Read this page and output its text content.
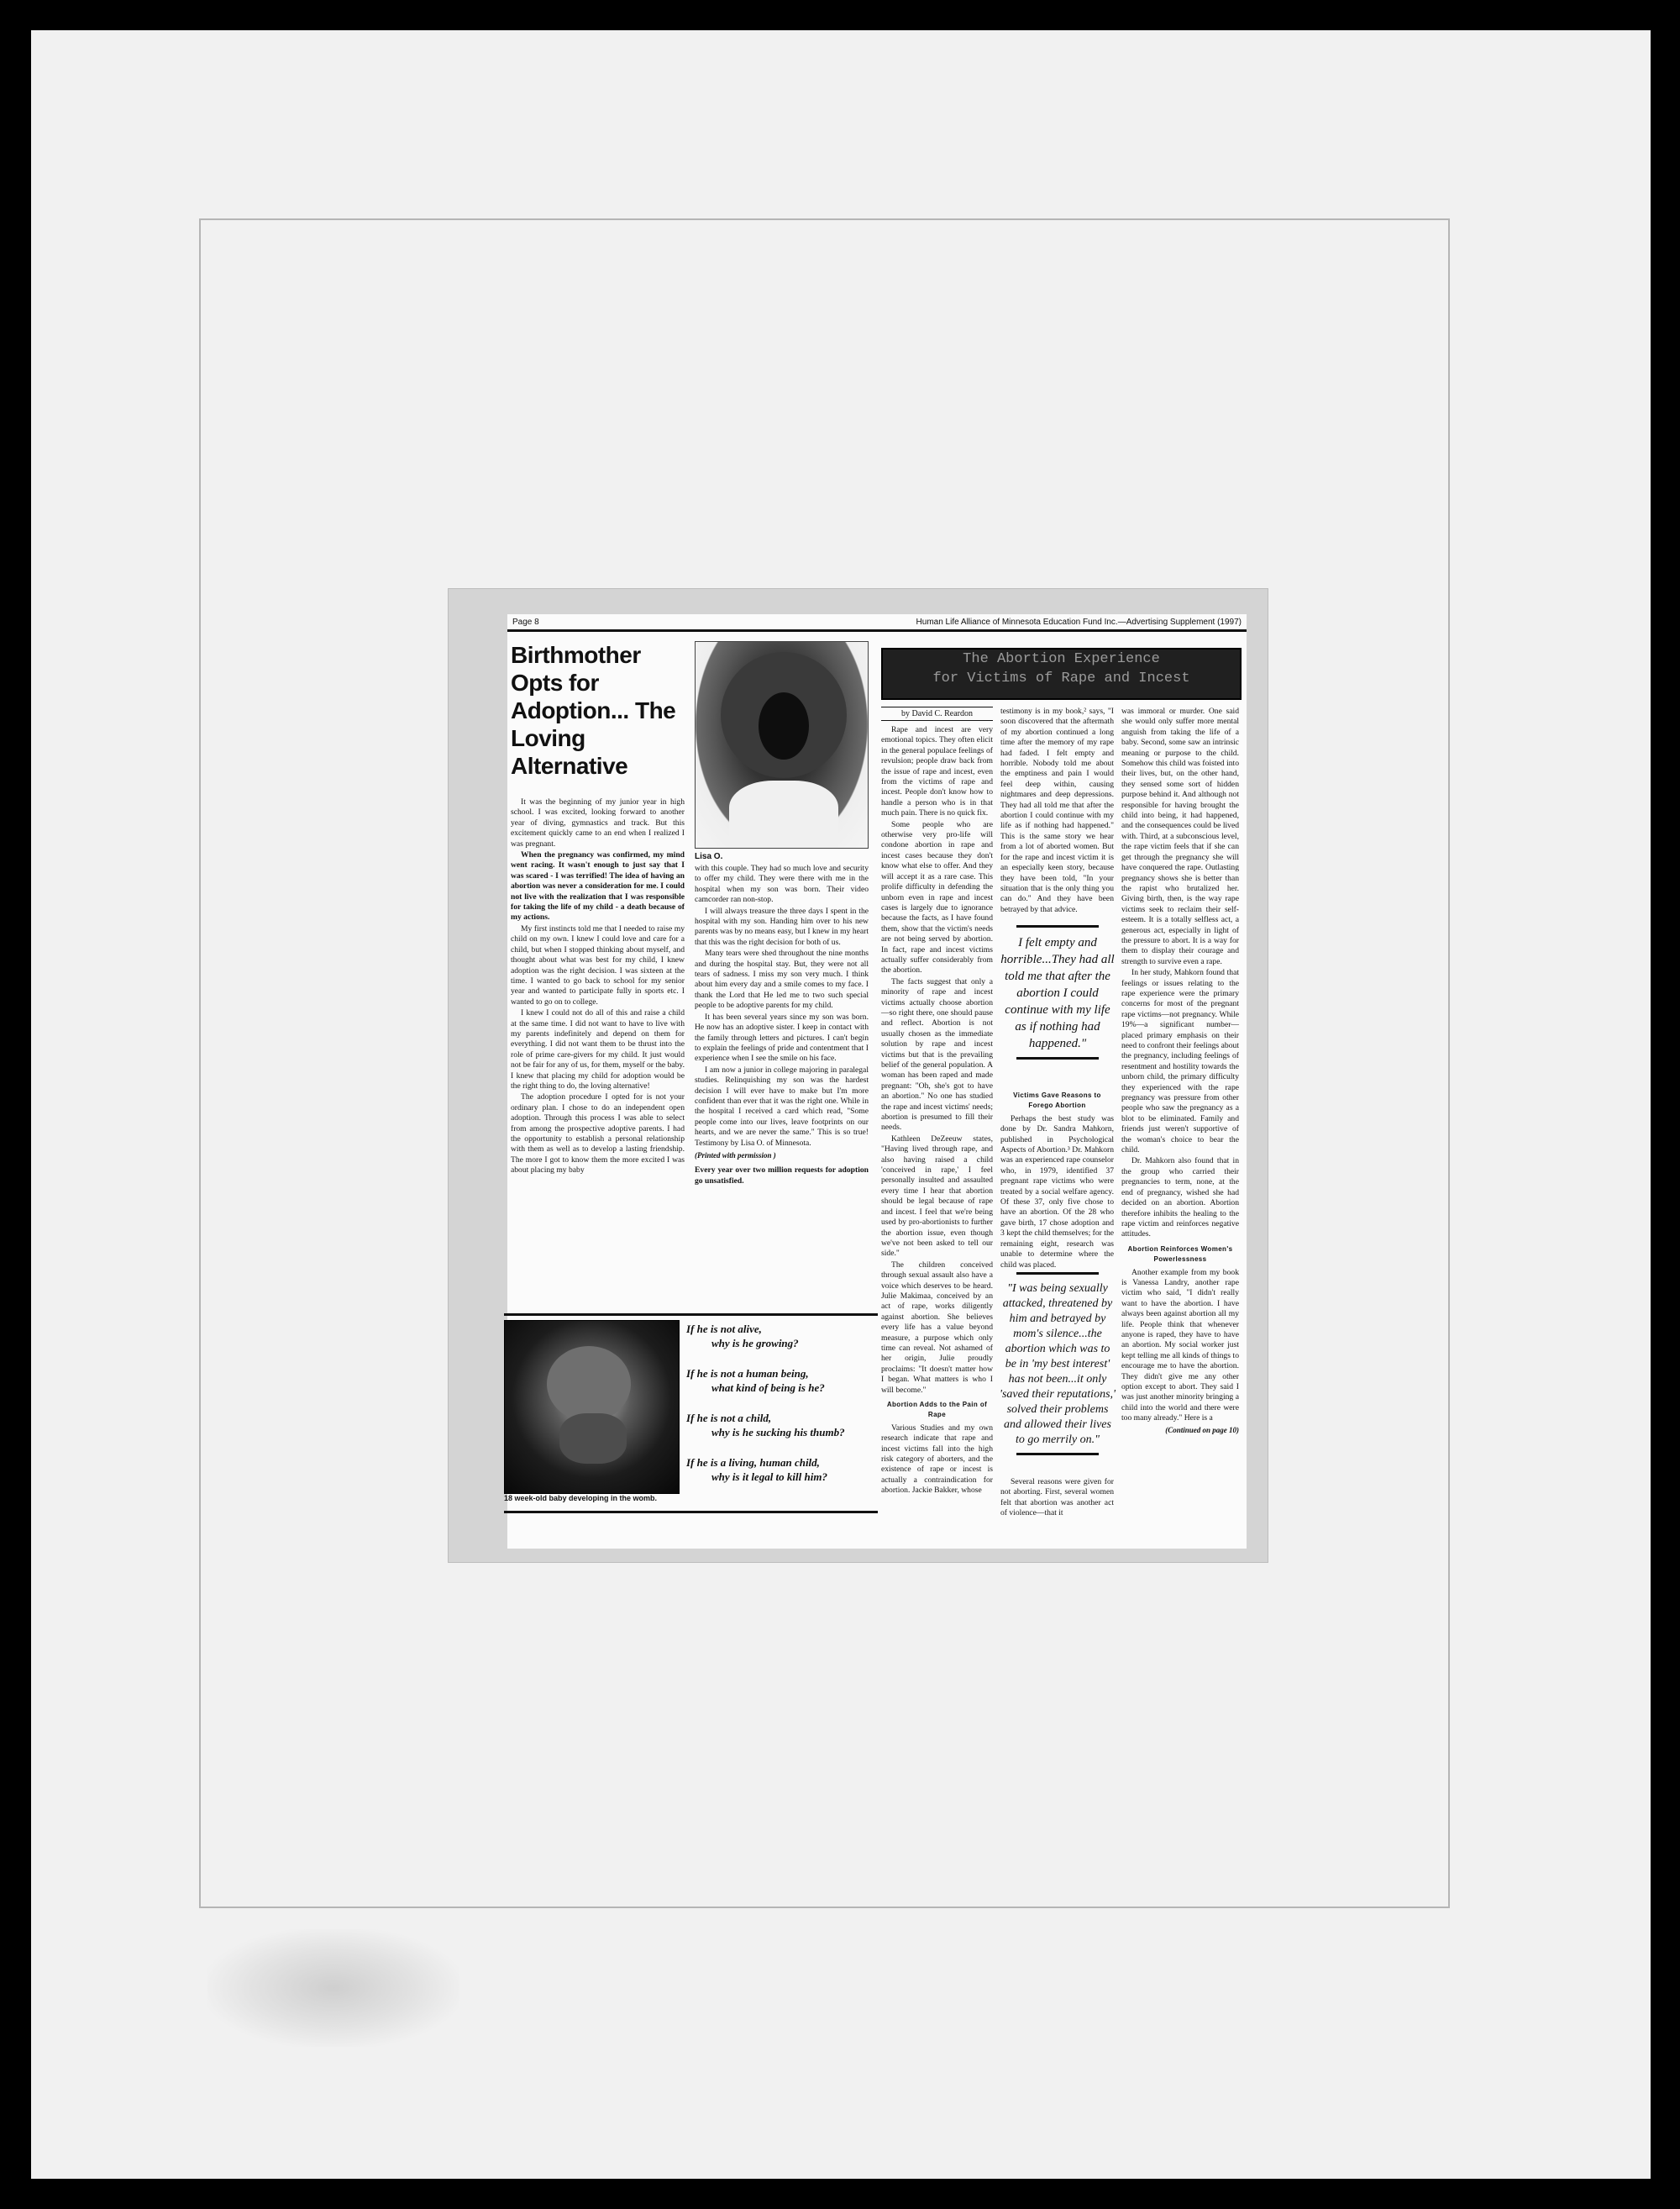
Page 8	Human Life Alliance of Minnesota Education Fund Inc.—Advertising Supplement (1997)
Birthmother Opts for Adoption... The Loving Alternative
Lisa O.

It was the beginning of my junior year in high school. I was excited, looking forward to another year of diving, gymnastics and track. But this excitement quickly came to an end when I realized I was pregnant.

When the pregnancy was confirmed, my mind went racing. It wasn't enough to just say that I was scared - I was terrified! The idea of having an abortion was never a consideration for me. I could not live with the realization that I was responsible for taking the life of my child - a death because of my actions.

My first instincts told me that I needed to raise my child on my own. I knew I could love and care for a child, but when I stopped thinking about myself, and thought about what was best for my child, I knew adoption was the right decision. I was sixteen at the time. I wanted to go back to school for my senior year and wanted to participate fully in sports etc. I wanted to go on to college.

I knew I could not do all of this and raise a child at the same time. I did not want to have to live with my parents indefinitely and depend on them for everything. I did not want them to be thrust into the role of prime care-givers for my child. It just would not be fair for any of us, for them, myself or the baby. I knew that placing my child for adoption would be the right thing to do, the loving alternative!

The adoption procedure I opted for is not your ordinary plan. I chose to do an independent open adoption. Through this process I was able to select from among the prospective adoptive parents. I had the opportunity to establish a personal relationship with them as well as to develop a lasting friendship. The more I got to know them the more excited I was about placing my baby

with this couple. They had so much love and security to offer my child. They were there with me in the hospital when my son was born. Their video camcorder ran non-stop.

I will always treasure the three days I spent in the hospital with my son. Handing him over to his new parents was by no means easy, but I knew in my heart that this was the right decision for both of us.

Many tears were shed throughout the nine months and during the hospital stay. But, they were not all tears of sadness. I miss my son very much. I think about him every day and a smile comes to my face. I thank the Lord that He led me to two such special people to be adoptive parents for my child.

It has been several years since my son was born. He now has an adoptive sister. I keep in contact with the family through letters and pictures. I can't begin to explain the feelings of pride and contentment that I experience when I see the smile on his face.

I am now a junior in college majoring in paralegal studies. Relinquishing my son was the hardest decision I will ever have to make but I'm more confident than ever that it was the right one. While in the hospital I received a card which read, "Some people come into our lives, leave footprints on our hearts, and we are never the same." This is so true! Testimony by Lisa O. of Minnesota.

(Printed with permission )

Every year over two million requests for adoption go unsatisfied.

18 week-old baby developing in the womb.
If he is not alive,
why is he growing?
If he is not a human being,
what kind of being is he?
If he is not a child,
why is he sucking his thumb?
If he is a living, human child,
why is it legal to kill him?
The Abortion Experience
for Victims of Rape and Incest
by David C. Reardon

Rape and incest are very emotional topics. They often elicit in the general populace feelings of revulsion; people draw back from the issue of rape and incest, even from the victims of rape and incest. People don't know how to handle a person who is in that much pain. There is no quick fix.

Some people who are otherwise very pro-life will condone abortion in rape and incest cases because they don't know what else to offer. And they will accept it as a rare case. This prolife difficulty in defending the unborn even in rape and incest cases is largely due to ignorance because the facts, as I have found them, show that the victim's needs are not being served by abortion. In fact, rape and incest victims actually suffer considerably from the abortion.

The facts suggest that only a minority of rape and incest victims actually choose abortion—so right there, one should pause and reflect. Abortion is not usually chosen as the immediate solution by rape and incest victims but that is the prevailing belief of the general population. A woman has been raped and made pregnant: "Oh, she's got to have an abortion." No one has studied the rape and incest victims' needs; abortion is presumed to fill their needs.

Kathleen DeZeeuw states, "Having lived through rape, and also having raised a child 'conceived in rape,' I feel personally insulted and assaulted every time I hear that abortion should be legal because of rape and incest. I feel that we're being used by pro-abortionists to further the abortion issue, even though we've not been asked to tell our side."

The children conceived through sexual assault also have a voice which deserves to be heard. Julie Makimaa, conceived by an act of rape, works diligently against abortion. She believes every life has a value beyond measure, a purpose which only time can reveal. Not ashamed of her origin, Julie proudly proclaims: "It doesn't matter how I began. What matters is who I will become."

Abortion Adds to the Pain of Rape

Various Studies and my own research indicate that rape and incest victims fall into the high risk category of aborters, and the existence of rape or incest is actually a contraindication for abortion. Jackie Bakker, whose

testimony is in my book,² says, "I soon discovered that the aftermath of my abortion continued a long time after the memory of my rape had faded. I felt empty and horrible. Nobody told me about the emptiness and pain I would feel deep within, causing nightmares and deep depressions. They had all told me that after the abortion I could continue with my life as if nothing had happened." This is the same story we hear from a lot of aborted women. But for the rape and incest victim it is an especially keen story, because they have been told, "In your situation that is the only thing you can do." And they have been betrayed by that advice.

I felt empty and horrible...They had all told me that after the abortion I could continue with my life as if nothing had happened."
Victims Gave Reasons to Forego Abortion

Perhaps the best study was done by Dr. Sandra Mahkorn, published in Psychological Aspects of Abortion.³ Dr. Mahkorn was an experienced rape counselor who, in 1979, identified 37 pregnant rape victims who were treated by a social welfare agency. Of these 37, only five chose to have an abortion. Of the 28 who gave birth, 17 chose adoption and 3 kept the child themselves; for the remaining eight, research was unable to determine where the child was placed.

"I was being sexually attacked, threatened by him and betrayed by mom's silence...the abortion which was to be in 'my best interest' has not been...it only 'saved their reputations,' solved their problems and allowed their lives to go merrily on."

Several reasons were given for not aborting. First, several women felt that abortion was another act of violence—that it

was immoral or murder. One said she would only suffer more mental anguish from taking the life of a baby. Second, some saw an intrinsic meaning or purpose to the child. Somehow this child was foisted into their lives, but, on the other hand, they sensed some sort of hidden purpose behind it. And although not responsible for having brought the child into being, it had happened, and the consequences could be lived with. Third, at a subconscious level, the rape victim feels that if she can get through the pregnancy she will have conquered the rape. Outlasting pregnancy shows she is better than the rapist who brutalized her. Giving birth, then, is the way rape victims seek to reclaim their self-esteem. It is a totally selfless act, a generous act, especially in light of the pressure to abort. It is a way for them to display their courage and strength to survive even a rape.

In her study, Mahkorn found that feelings or issues relating to the rape experience were the primary concerns for most of the pregnant rape victims—not pregnancy. While 19%—a significant number—placed primary emphasis on their need to confront their feelings about the pregnancy, including feelings of resentment and hostility towards the unborn child, the primary difficulty they experienced with the rape pregnancy was pressure from other people who saw the pregnancy as a blot to be eliminated. Family and friends just weren't supportive of the woman's choice to bear the child.

Dr. Mahkorn also found that in the group who carried their pregnancies to term, none, at the end of pregnancy, wished she had decided on an abortion. Abortion therefore inhibits the healing to the rape victim and reinforces negative attitudes.

Abortion Reinforces Women's Powerlessness

Another example from my book is Vanessa Landry, another rape victim who said, "I didn't really want to have the abortion. I have always been against abortion all my life. People think that whenever anyone is raped, they have to have an abortion. My social worker just kept telling me all kinds of things to encourage me to have the abortion. They didn't give me any other option except to abort. They said I was just another minority bringing a child into the world and there were too many already." Here is a

(Continued on page 10)
